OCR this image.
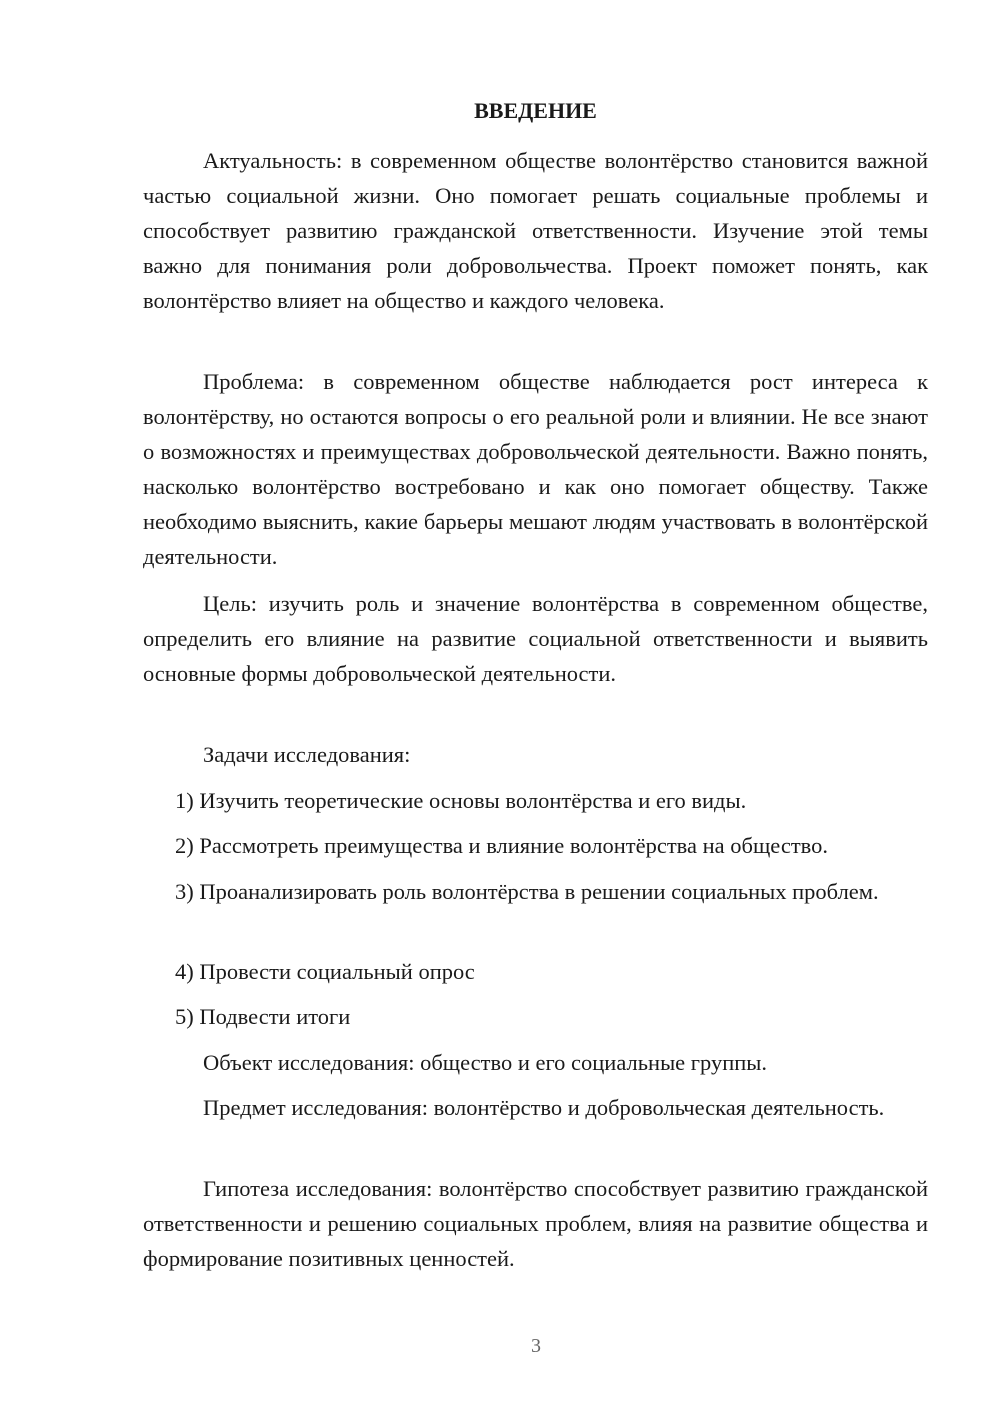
ВВЕДЕНИЕ

Актуальность: в современном обществе волонтёрство становится важной частью социальной жизни. Оно помогает решать социальные проблемы и способствует развитию гражданской ответственности. Изучение этой темы важно для понимания роли добровольчества. Проект поможет понять, как волонтёрство влияет на общество и каждого человека.

Проблема: в современном обществе наблюдается рост интереса к волонтёрству, но остаются вопросы о его реальной роли и влиянии. Не все знают о возможностях и преимуществах добровольческой деятельности. Важно понять, насколько волонтёрство востребовано и как оно помогает обществу. Также необходимо выяснить, какие барьеры мешают людям участвовать в волонтёрской деятельности.

Цель: изучить роль и значение волонтёрства в современном обществе, определить его влияние на развитие социальной ответственности и выявить основные формы добровольческой деятельности.

Задачи исследования:

1) Изучить теоретические основы волонтёрства и его виды.

2) Рассмотреть преимущества и влияние волонтёрства на общество.

3) Проанализировать роль волонтёрства в решении социальных проблем.

4) Провести социальный опрос

5) Подвести итоги

Объект исследования: общество и его социальные группы.

Предмет исследования: волонтёрство и добровольческая деятельность.

Гипотеза исследования: волонтёрство способствует развитию гражданской ответственности и решению социальных проблем, влияя на развитие общества и формирование позитивных ценностей.

3
